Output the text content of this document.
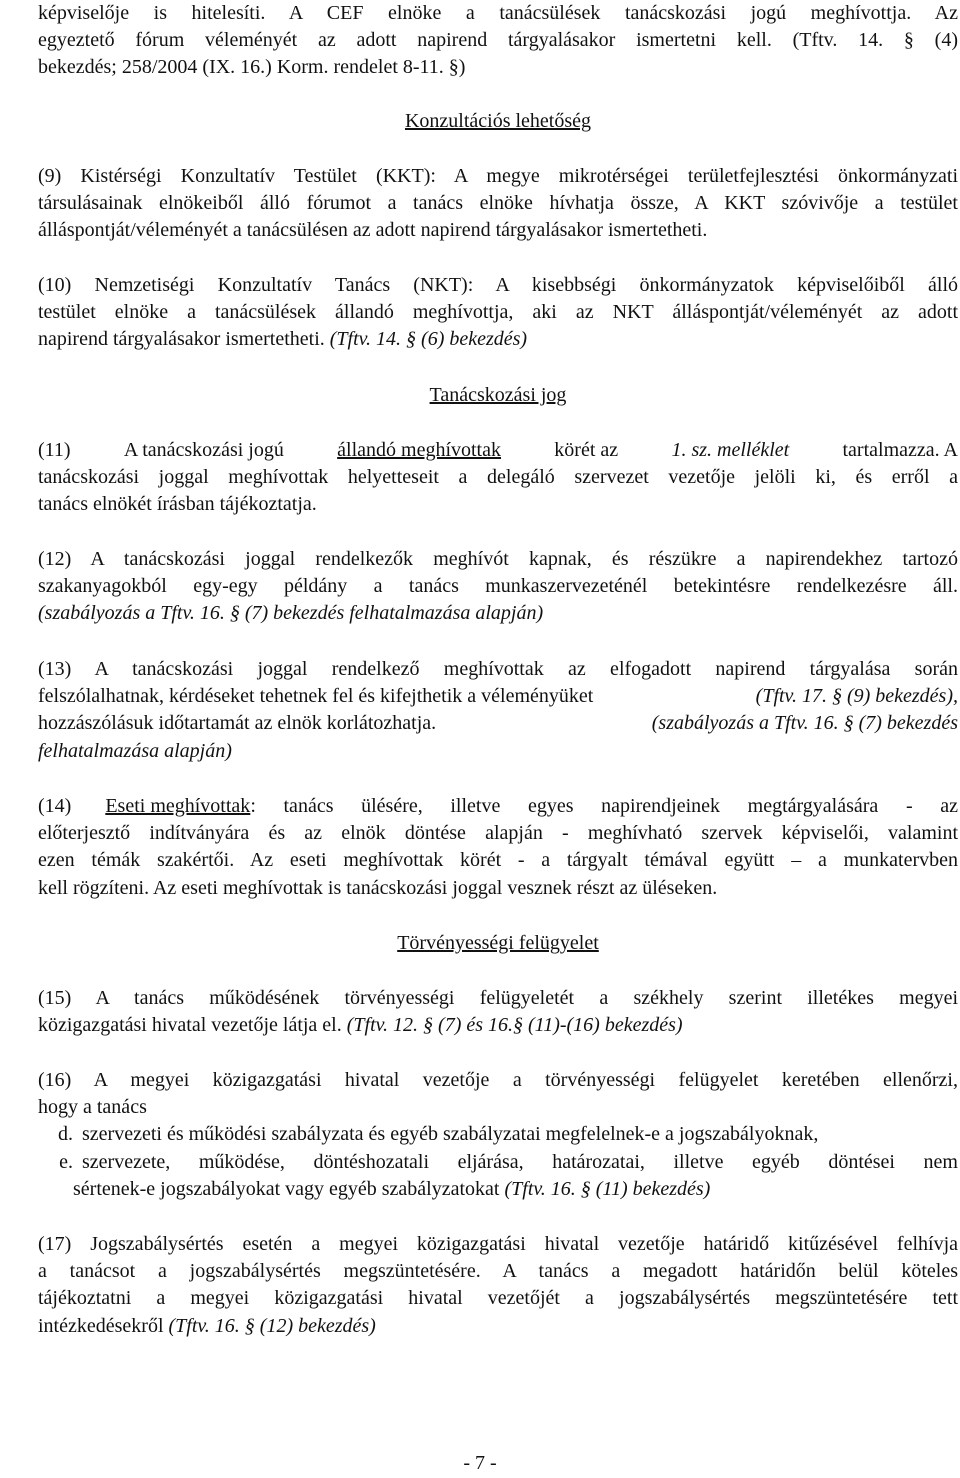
képviselője is hitelesíti. A CEF elnöke a tanácsülések tanácskozási jogú meghívottja. Az
egyeztető fórum véleményét az adott napirend tárgyalásakor ismertetni kell. (Tftv. 14. § (4)
bekezdés; 258/2004 (IX. 16.) Korm. rendelet 8-11. §)
Konzultációs lehetőség
(9) Kistérségi Konzultatív Testület (KKT): A megye mikrotérségei területfejlesztési önkormányzati
társulásainak elnökeiből álló fórumot a tanács elnöke hívhatja össze, A KKT szóvivője a testület
álláspontját/véleményét a tanácsülésen az adott napirend tárgyalásakor ismertetheti.
(10) Nemzetiségi Konzultatív Tanács (NKT): A kisebbségi önkormányzatok képviselőiből álló
testület elnöke a tanácsülések állandó meghívottja, aki az NKT álláspontját/véleményét az adott
napirend tárgyalásakor ismertetheti. (Tftv. 14. § (6) bekezdés)
Tanácskozási jog
(11)	A tanácskozási jogú	állandó meghívottak	körét az	1. sz. melléklet	tartalmazza. A
tanácskozási joggal meghívottak helyetteseit a delegáló szervezet vezetője jelöli ki, és erről a
tanács elnökét írásban tájékoztatja.
(12) A tanácskozási joggal rendelkezők meghívót kapnak, és részükre a napirendekhez tartozó
szakanyagokból egy-egy példány a tanács munkaszervezeténél betekintésre rendelkezésre áll.
(szabályozás a Tftv. 16. § (7) bekezdés felhatalmazása alapján)
(13) A tanácskozási joggal rendelkező meghívottak az elfogadott napirend tárgyalása során
felszólalhatnak, kérdéseket tehetnek fel és kifejthetik a véleményüket	(Tftv. 17. § (9) bekezdés),
hozzászólásuk időtartamát az elnök korlátozhatja.	(szabályozás a Tftv. 16. § (7) bekezdés
felhatalmazása alapján)
(14) Eseti meghívottak : tanács ülésére, illetve egyes napirendjeinek megtárgyalására - az
előterjesztő indítványára és az elnök döntése alapján - meghívható szervek képviselői, valamint
ezen témák szakértői. Az eseti meghívottak körét - a tárgyalt témával együtt – a munkatervben
kell rögzíteni. Az eseti meghívottak is tanácskozási joggal vesznek részt az üléseken.
Törvényességi felügyelet
(15) A tanács működésének törvényességi felügyeletét a székhely szerint illetékes megyei
közigazgatási hivatal vezetője látja el. (Tftv. 12. § (7) és 16.§ (11)-(16) bekezdés)
(16) A megyei közigazgatási hivatal vezetője a törvényességi felügyelet keretében ellenőrzi,
hogy a tanács
d. szervezeti és működési szabályzata és egyéb szabályzatai megfelelnek-e a jogszabályoknak,
e. szervezete, működése, döntéshozatali eljárása, határozatai, illetve egyéb döntései nem
sértenek-e jogszabályokat vagy egyéb szabályzatokat (Tftv. 16. § (11) bekezdés)
(17) Jogszabálysértés esetén a megyei közigazgatási hivatal vezetője határidő kitűzésével felhívja
a tanácsot a jogszabálysértés megszüntetésére. A tanács a megadott határidőn belül köteles
tájékoztatni a megyei közigazgatási hivatal vezetőjét a jogszabálysértés megszüntetésére tett
intézkedésekről (Tftv. 16. § (12) bekezdés)
- 7 -
